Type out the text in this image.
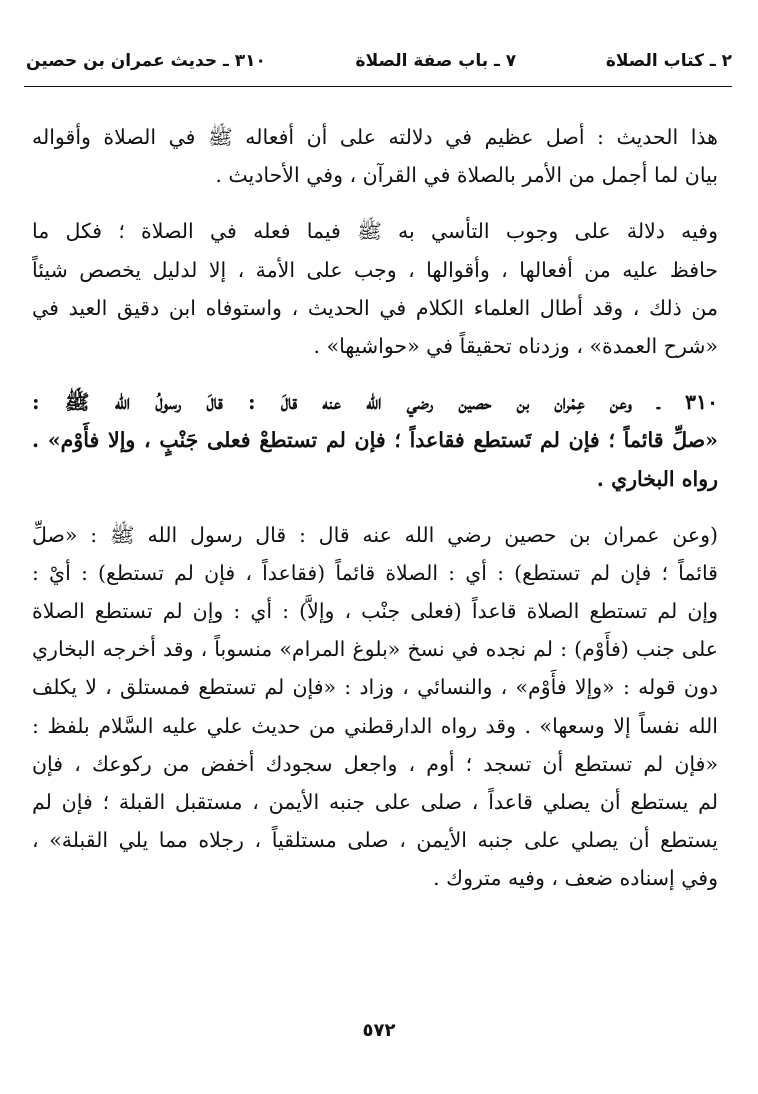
٢ ـ كتاب الصلاة
٧ ـ باب صفة الصلاة
٣١٠ ـ حديث عمران بن حصين
هذا الحديث : أصل عظيم في دلالته على أن أفعاله ﷺ في الصلاة وأقواله
بيان لما أجمل من الأمر بالصلاة في القرآن ، وفي الأحاديث .
وفيه دلالة على وجوب التأسي به ﷺ فيما فعله في الصلاة ؛ فكل ما
حافظ عليه من أفعالها ، وأقوالها ، وجب على الأمة ، إلا لدليل يخصص شيئاً
من ذلك ، وقد أطال العلماء الكلام في الحديث ، واستوفاه ابن دقيق العيد في
«شرح العمدة» ، وزدناه تحقيقاً في «حواشيها» .
٣١٠ ـ وعن عِمْران بن حصين رضي الله عنه قالَ : قالَ رسولُ الله ﷺ :
«صلِّ قائماً ؛ فإن لم تَستطع فقاعداً ؛ فإن لم تستطعْ فعلى جَنْبٍ ، وإلا فأَوْم» .
رواه البخاري .
(وعن عمران بن حصين رضي الله عنه قال : قال رسول الله ﷺ : «صلِّ
قائماً ؛ فإن لم تستطع) : أي : الصلاة قائماً (فقاعداً ، فإن لم تستطع) : أيْ :
وإن لم تستطع الصلاة قاعداً (فعلى جنْب ، وإلاَّ) : أي : وإن لم تستطع الصلاة
على جنب (فأَوْم) : لم نجده في نسخ «بلوغ المرام» منسوباً ، وقد أخرجه البخاري
دون قوله : «وإلا فأَوْم» ، والنسائي ، وزاد : «فإن لم تستطع فمستلق ، لا يكلف
الله نفساً إلا وسعها» . وقد رواه الدارقطني من حديث علي عليه السَّلام بلفظ :
«فإن لم تستطع أن تسجد ؛ أوم ، واجعل سجودك أخفض من ركوعك ، فإن
لم يستطع أن يصلي قاعداً ، صلى على جنبه الأيمن ، مستقبل القبلة ؛ فإن لم
يستطع أن يصلي على جنبه الأيمن ، صلى مستلقياً ، رجلاه مما يلي القبلة» ،
وفي إسناده ضعف ، وفيه متروك .
٥٧٢
